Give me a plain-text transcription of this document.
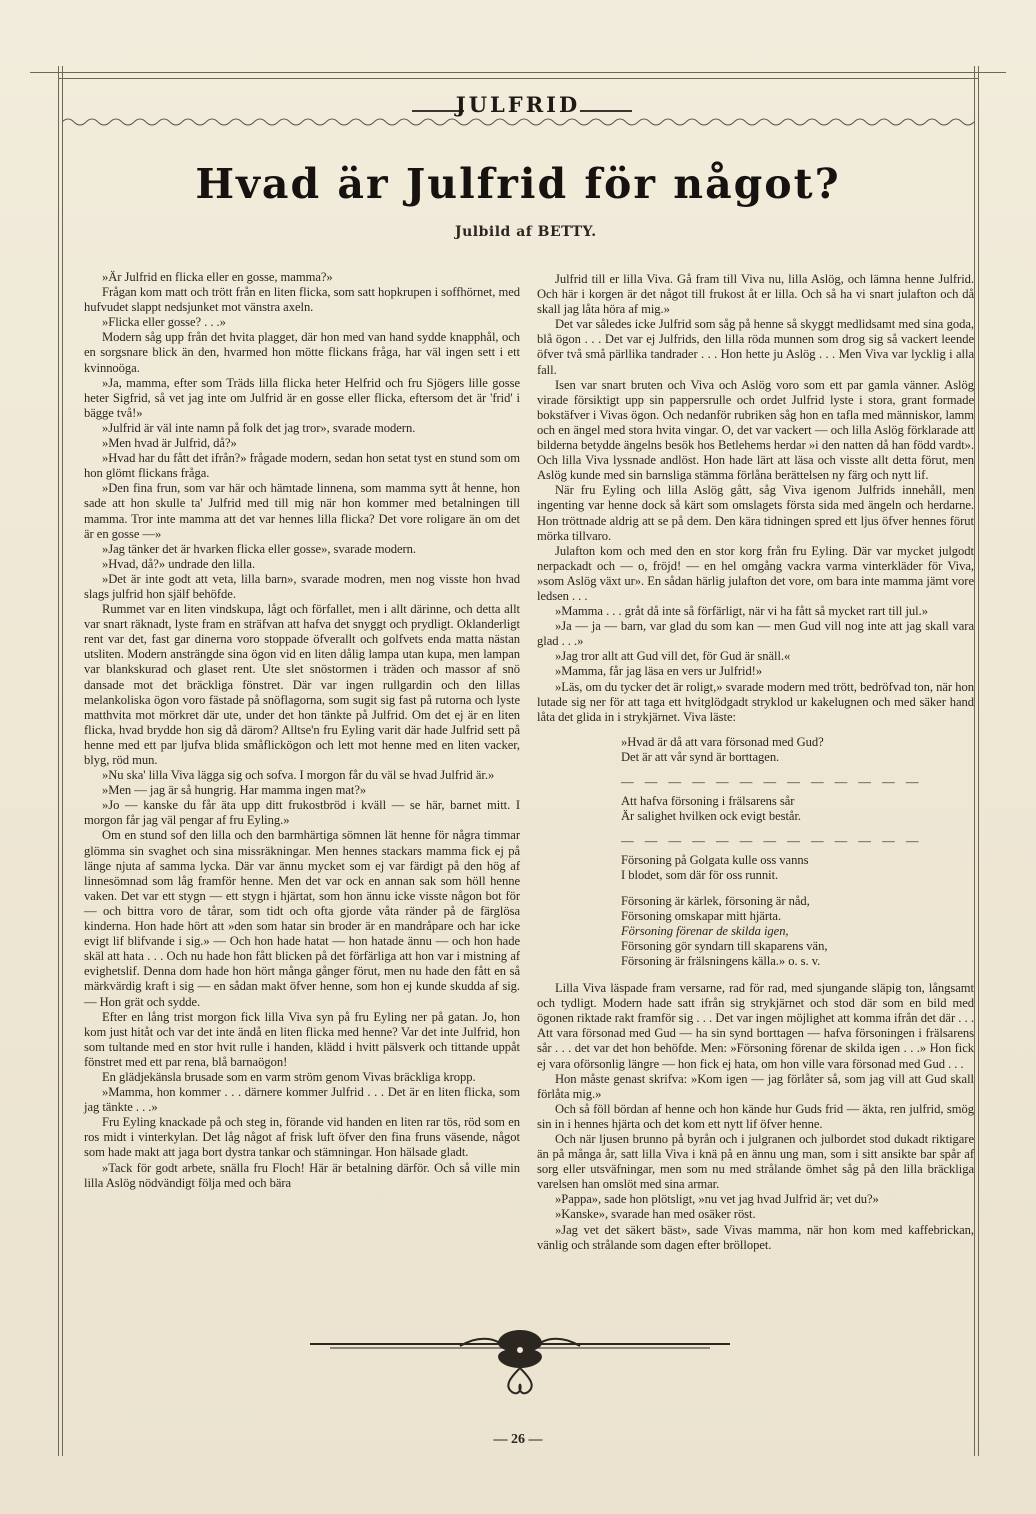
JULFRID
Hvad är Julfrid för något?
Julbild af BETTY.

»Är Julfrid en flicka eller en gosse, mamma?»

Frågan kom matt och trött från en liten flicka, som satt hopkrupen i soffhörnet, med hufvudet slappt nedsjunket mot vänstra axeln.

»Flicka eller gosse? . . .»

Modern såg upp från det hvita plagget, där hon med van hand sydde knapphål, och en sorgsnare blick än den, hvarmed hon mötte flickans fråga, har väl ingen sett i ett kvinnoöga.

»Ja, mamma, efter som Träds lilla flicka heter Helfrid och fru Sjögers lille gosse heter Sigfrid, så vet jag inte om Julfrid är en gosse eller flicka, eftersom det är 'frid' i bägge två!»

»Julfrid är väl inte namn på folk det jag tror», svarade modern.

»Men hvad är Julfrid, då?»

»Hvad har du fått det ifrån?» frågade modern, sedan hon setat tyst en stund som om hon glömt flickans fråga.

»Den fina frun, som var här och hämtade linnena, som mamma sytt åt henne, hon sade att hon skulle ta' Julfrid med till mig när hon kommer med betalningen till mamma. Tror inte mamma att det var hennes lilla flicka? Det vore roligare än om det är en gosse —»

»Jag tänker det är hvarken flicka eller gosse», svarade modern.

»Hvad, då?» undrade den lilla.

»Det är inte godt att veta, lilla barn», svarade modren, men nog visste hon hvad slags julfrid hon själf behöfde.

Rummet var en liten vindskupa, lågt och förfallet, men i allt därinne, och detta allt var snart räknadt, lyste fram en sträfvan att hafva det snyggt och prydligt. Oklanderligt rent var det, fast gar dinerna voro stoppade öfverallt och golfvets enda matta nästan utsliten. Modern ansträngde sina ögon vid en liten dålig lampa utan kupa, men lampan var blankskurad och glaset rent. Ute slet snöstormen i träden och massor af snö dansade mot det bräckliga fönstret. Där var ingen rullgardin och den lillas melankoliska ögon voro fästade på snöflagorna, som sugit sig fast på rutorna och lyste matthvita mot mörkret där ute, under det hon tänkte på Julfrid. Om det ej är en liten flicka, hvad brydde hon sig då därom? Alltse'n fru Eyling varit där hade Julfrid sett på henne med ett par ljufva blida småflickögon och lett mot henne med en liten vacker, blyg, röd mun.

»Nu ska' lilla Viva lägga sig och sofva. I morgon får du väl se hvad Julfrid är.»

»Men — jag är så hungrig. Har mamma ingen mat?»

»Jo — kanske du får äta upp ditt frukostbröd i kväll — se här, barnet mitt. I morgon får jag väl pengar af fru Eyling.»

Om en stund sof den lilla och den barmhärtiga sömnen lät henne för några timmar glömma sin svaghet och sina missräkningar. Men hennes stackars mamma fick ej på länge njuta af samma lycka. Där var ännu mycket som ej var färdigt på den hög af linnesömnad som låg framför henne. Men det var ock en annan sak som höll henne vaken. Det var ett stygn — ett stygn i hjärtat, som hon ännu icke visste någon bot för — och bittra voro de tårar, som tidt och ofta gjorde våta ränder på de färglösa kinderna. Hon hade hört att »den som hatar sin broder är en mandråpare och har icke evigt lif blifvande i sig.» — Och hon hade hatat — hon hatade ännu — och hon hade skäl att hata . . . Och nu hade hon fått blicken på det förfärliga att hon var i mistning af evighetslif. Denna dom hade hon hört många gånger förut, men nu hade den fått en så märkvärdig kraft i sig — en sådan makt öfver henne, som hon ej kunde skudda af sig. — Hon grät och sydde.

Efter en lång trist morgon fick lilla Viva syn på fru Eyling ner på gatan. Jo, hon kom just hitåt och var det inte ändå en liten flicka med henne? Var det inte Julfrid, hon som tultande med en stor hvit rulle i handen, klädd i hvitt pälsverk och tittande uppåt fönstret med ett par rena, blå barnaögon!

En glädjekänsla brusade som en varm ström genom Vivas bräckliga kropp.

»Mamma, hon kommer . . . därnere kommer Julfrid . . . Det är en liten flicka, som jag tänkte . . .»

Fru Eyling knackade på och steg in, förande vid handen en liten rar tös, röd som en ros midt i vinterkylan. Det låg något af frisk luft öfver den fina fruns väsende, något som hade makt att jaga bort dystra tankar och stämningar. Hon hälsade gladt.

»Tack för godt arbete, snälla fru Floch! Här är betalning därför. Och så ville min lilla Aslög nödvändigt följa med och bära

Julfrid till er lilla Viva. Gå fram till Viva nu, lilla Aslög, och lämna henne Julfrid. Och här i korgen är det något till frukost åt er lilla. Och så ha vi snart julafton och då skall jag låta höra af mig.»

Det var således icke Julfrid som såg på henne så skyggt medlidsamt med sina goda, blå ögon . . . Det var ej Julfrids, den lilla röda munnen som drog sig så vackert leende öfver två små pärllika tandrader . . . Hon hette ju Aslög . . . Men Viva var lycklig i alla fall.

Isen var snart bruten och Viva och Aslög voro som ett par gamla vänner. Aslög virade försiktigt upp sin pappersrulle och ordet Julfrid lyste i stora, grant formade bokstäfver i Vivas ögon. Och nedanför rubriken såg hon en tafla med människor, lamm och en ängel med stora hvita vingar. O, det var vackert — och lilla Aslög förklarade att bilderna betydde ängelns besök hos Betlehems herdar »i den natten då han född vardt». Och lilla Viva lyssnade andlöst. Hon hade lärt att läsa och visste allt detta förut, men Aslög kunde med sin barnsliga stämma förlåna berättelsen ny färg och nytt lif.

När fru Eyling och lilla Aslög gått, såg Viva igenom Julfrids innehåll, men ingenting var henne dock så kärt som omslagets första sida med ängeln och herdarne. Hon tröttnade aldrig att se på dem. Den kära tidningen spred ett ljus öfver hennes förut mörka tillvaro.

Julafton kom och med den en stor korg från fru Eyling. Där var mycket julgodt nerpackadt och — o, fröjd! — en hel omgång vackra varma vinterkläder för Viva, »som Aslög växt ur». En sådan härlig julafton det vore, om bara inte mamma jämt vore ledsen . . .

»Mamma . . . gråt då inte så förfärligt, när vi ha fått så mycket rart till jul.»

»Ja — ja — barn, var glad du som kan — men Gud vill nog inte att jag skall vara glad . . .»

»Jag tror allt att Gud vill det, för Gud är snäll.«

»Mamma, får jag läsa en vers ur Julfrid!»

»Läs, om du tycker det är roligt,» svarade modern med trött, bedröfvad ton, när hon lutade sig ner för att taga ett hvitglödgadt stryklod ur kakelugnen och med säker hand låta det glida in i strykjärnet. Viva läste:

»Hvad är då att vara försonad med Gud?
Det är att vår synd är borttagen.
— — — — — — — — — — — — —
Att hafva försoning i frälsarens sår
Är salighet hvilken ock evigt består.
— — — — — — — — — — — — —
Försoning på Golgata kulle oss vanns
I blodet, som där för oss runnit.
Försoning är kärlek, försoning är nåd,
Försoning omskapar mitt hjärta.
Försoning förenar de skilda igen,
Försoning gör syndarn till skaparens vän,
Försoning är frälsningens källa.» o. s. v.

Lilla Viva läspade fram versarne, rad för rad, med sjungande släpig ton, långsamt och tydligt. Modern hade satt ifrån sig strykjärnet och stod där som en bild med ögonen riktade rakt framför sig . . . Det var ingen möjlighet att komma ifrån det där . . . Att vara försonad med Gud — ha sin synd borttagen — hafva försoningen i frälsarens sår . . . det var det hon behöfde. Men: »Försoning förenar de skilda igen . . .» Hon fick ej vara oförsonlig längre — hon fick ej hata, om hon ville vara försonad med Gud . . .

Hon måste genast skrifva: »Kom igen — jag förlåter så, som jag vill att Gud skall förlåta mig.»

Och så föll bördan af henne och hon kände hur Guds frid — äkta, ren julfrid, smög sin in i hennes hjärta och det kom ett nytt lif öfver henne.

Och när ljusen brunno på byrån och i julgranen och julbordet stod dukadt riktigare än på många år, satt lilla Viva i knä på en ännu ung man, som i sitt ansikte bar spår af sorg eller utsväfningar, men som nu med strålande ömhet såg på den lilla bräckliga varelsen han omslöt med sina armar.

»Pappa», sade hon plötsligt, »nu vet jag hvad Julfrid är; vet du?»

»Kanske», svarade han med osäker röst.

»Jag vet det säkert bäst», sade Vivas mamma, när hon kom med kaffebrickan, vänlig och strålande som dagen efter bröllopet.

— 26 —
